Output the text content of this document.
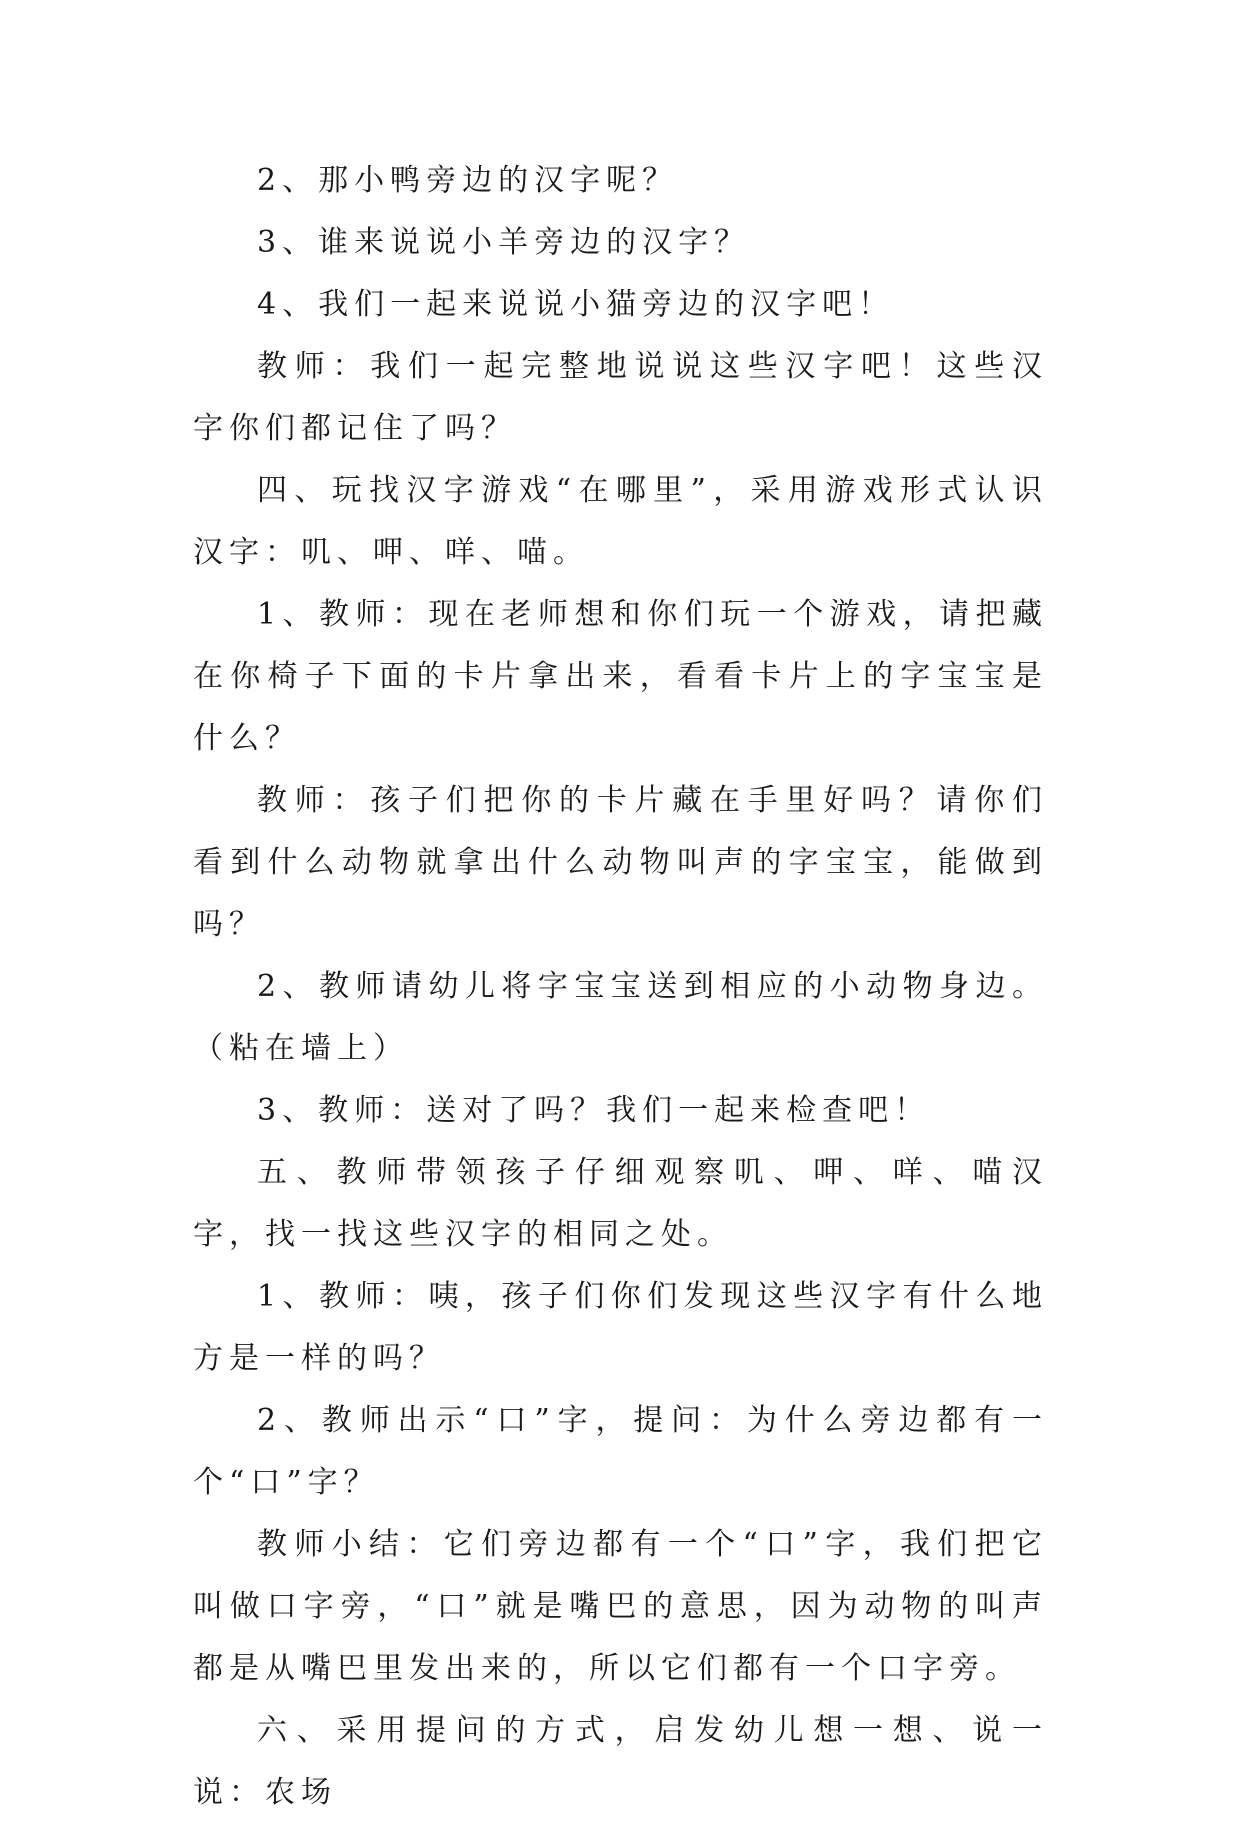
2、那小鸭旁边的汉字呢？

3、谁来说说小羊旁边的汉字？

4、我们一起来说说小猫旁边的汉字吧！

教师：我们一起完整地说说这些汉字吧！这些汉字你们都记住了吗？

四、玩找汉字游戏“在哪里”，采用游戏形式认识汉字：叽、呷、咩、喵。

1、教师：现在老师想和你们玩一个游戏，请把藏在你椅子下面的卡片拿出来，看看卡片上的字宝宝是什么？

教师：孩子们把你的卡片藏在手里好吗？请你们看到什么动物就拿出什么动物叫声的字宝宝，能做到吗？

2、教师请幼儿将字宝宝送到相应的小动物身边。（粘在墙上）

3、教师：送对了吗？我们一起来检查吧！

五、教师带领孩子仔细观察叽、呷、咩、喵汉字，找一找这些汉字的相同之处。

1、教师：咦，孩子们你们发现这些汉字有什么地方是一样的吗？

2、教师出示“口”字，提问：为什么旁边都有一个“口”字？

教师小结：它们旁边都有一个“口”字，我们把它叫做口字旁，“口”就是嘴巴的意思，因为动物的叫声都是从嘴巴里发出来的，所以它们都有一个口字旁。

六、采用提问的方式，启发幼儿想一想、说一说：农场
